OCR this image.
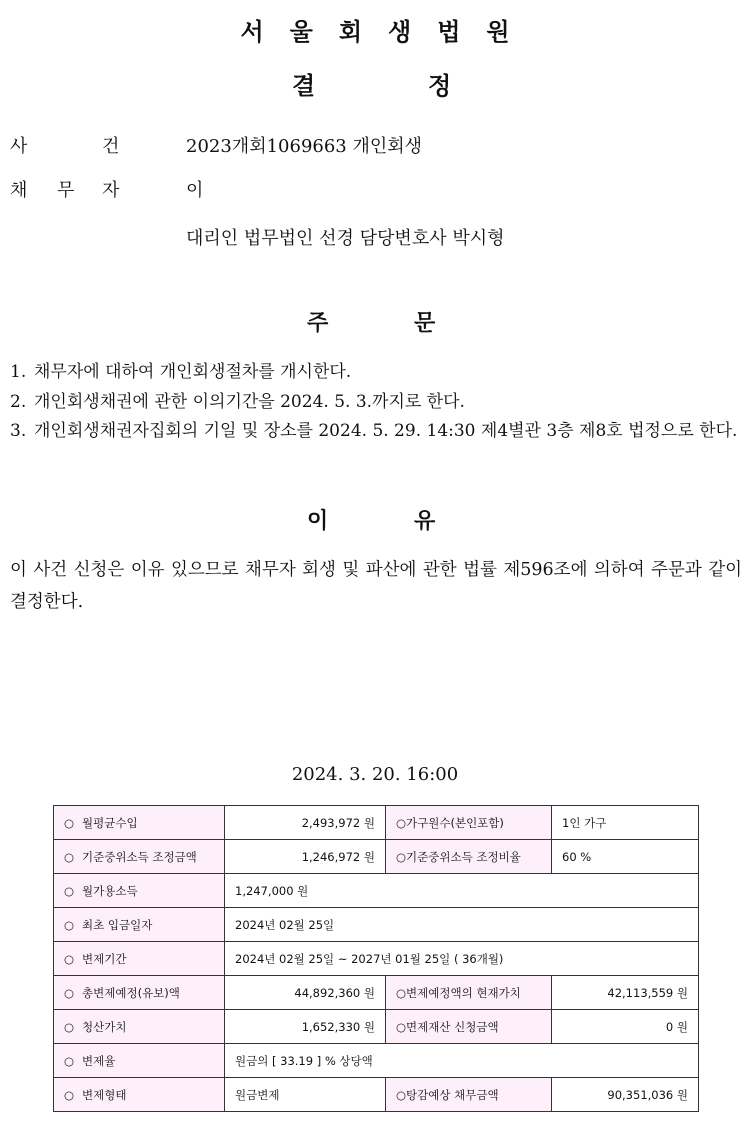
서 울 회 생 법 원
결	정
사	건	2023개회1069663 개인회생
채 무 자	이
대리인 법무법인 선경 담당변호사 박시형
주	문
1. 채무자에 대하여 개인회생절차를 개시한다.
2. 개인회생채권에 관한 이의기간을 2024. 5. 3.까지로 한다.
3. 개인회생채권자집회의 기일 및 장소를 2024. 5. 29. 14:30 제4별관 3층 제8호 법정으로 한다.
이	유
이 사건 신청은 이유 있으므로 채무자 회생 및 파산에 관한 법률 제596조에 의하여 주문과 같이 결정한다.
2024. 3. 20. 16:00
○ 월평균수입	2,493,972 원	○가구원수(본인포함)	1인 가구
○ 기준중위소득 조정금액	1,246,972 원	○기준중위소득 조정비율	60 %
○ 월가용소득	1,247,000 원		
○ 최초 입금일자	2024년 02월 25일		
○ 변제기간	2024년 02월 25일 ~ 2027년 01월 25일 ( 36개월)		
○ 총변제예정(유보)액	44,892,360 원	○변제예정액의 현재가치	42,113,559 원
○ 청산가치	1,652,330 원	○면제재산 신청금액	0 원
○ 변제율	원금의 [ 33.19 ] % 상당액		
○ 변제형태	원금변제	○탕감예상 채무금액	90,351,036 원
